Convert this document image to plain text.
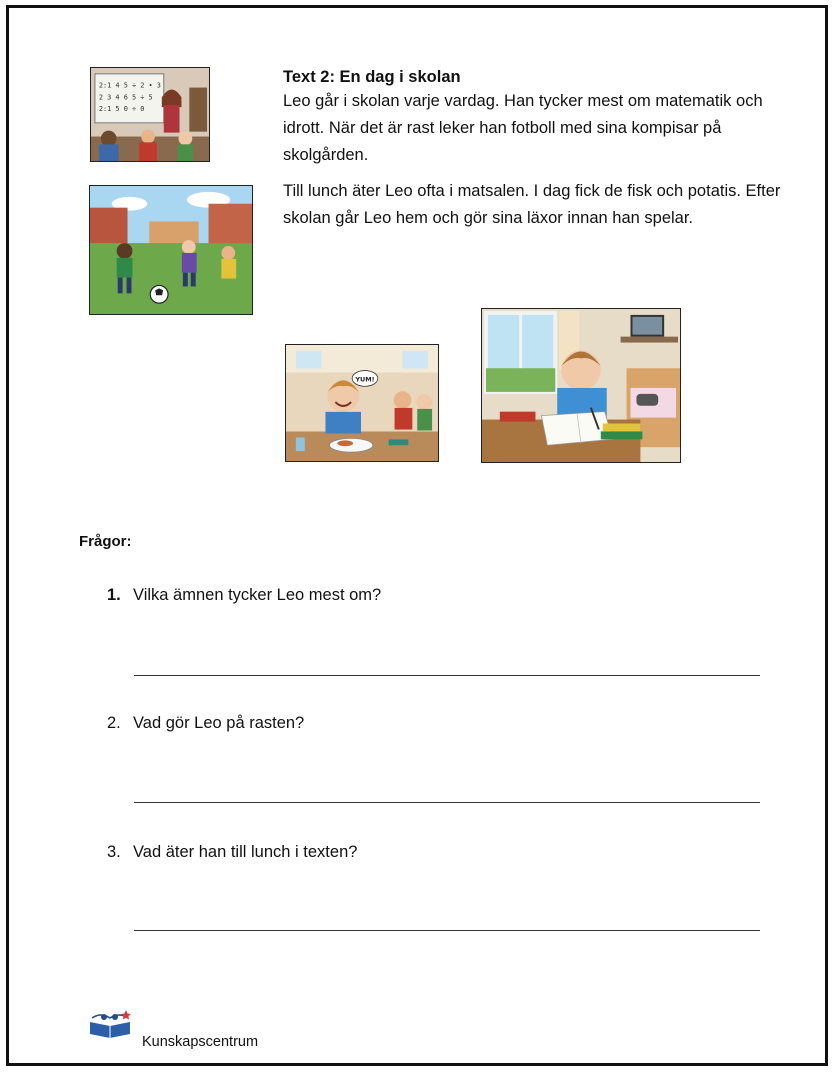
2:1 4 5 ÷ 2 • 3
2 3 4 6 5 ÷ 5
2:1 5 0 ÷ 0
YUM!
Text 2: En dag i skolan
Leo går i skolan varje vardag. Han tycker mest om matematik och idrott. När det är rast leker han fotboll med sina kompisar på skolgården.
Till lunch äter Leo ofta i matsalen. I dag fick de fisk och potatis. Efter skolan går Leo hem och gör sina läxor innan han spelar.
Frågor:
1. Vilka ämnen tycker Leo mest om?
2. Vad gör Leo på rasten?
3. Vad äter han till lunch i texten?
Kunskapscentrum
